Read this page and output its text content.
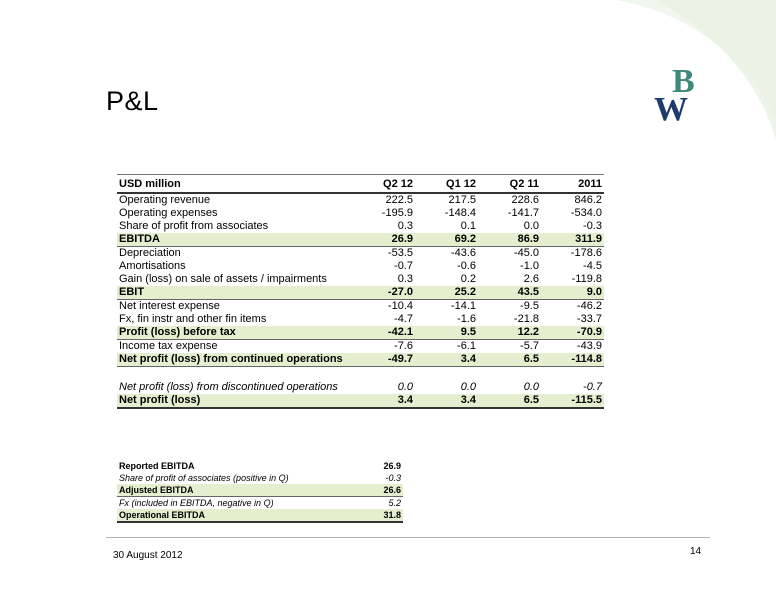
B
W
P&L
USD million	Q2 12	Q1 12	Q2 11	2011
Operating revenue	222.5	217.5	228.6	846.2
Operating expenses	-195.9	-148.4	-141.7	-534.0
Share of profit from associates	0.3	0.1	0.0	-0.3
EBITDA	26.9	69.2	86.9	311.9
Depreciation	-53.5	-43.6	-45.0	-178.6
Amortisations	-0.7	-0.6	-1.0	-4.5
Gain (loss) on sale of assets / impairments	0.3	0.2	2.6	-119.8
EBIT	-27.0	25.2	43.5	9.0
Net interest expense	-10.4	-14.1	-9.5	-46.2
Fx, fin instr and other fin items	-4.7	-1.6	-21.8	-33.7
Profit (loss) before tax	-42.1	9.5	12.2	-70.9
Income tax expense	-7.6	-6.1	-5.7	-43.9
Net profit (loss) from continued operations	-49.7	3.4	6.5	-114.8

Net profit (loss) from discontinued operations	0.0	0.0	0.0	-0.7
Net profit (loss)	3.4	3.4	6.5	-115.5
Reported EBITDA	26.9
Share of profit of associates (positive in Q)	-0.3
Adjusted EBITDA	26.6
Fx (included in EBITDA, negative in Q)	5.2
Operational EBITDA	31.8
30 August 2012	14
